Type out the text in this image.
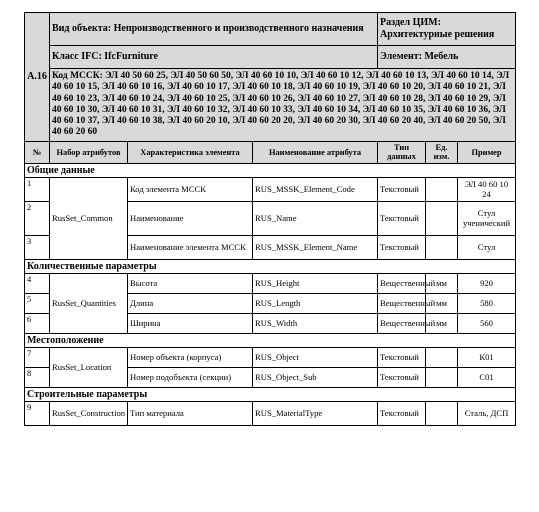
A.16	Вид объекта: Непроизводственного и производственного назначения			Раздел ЦИМ: Архитектурные решения		
	Класс IFC: IfcFurniture			Элемент: Мебель		
	Код МССК: ЭЛ 40 50 60 25, ЭЛ 40 50 60 50, ЭЛ 40 60 10 10, ЭЛ 40 60 10 12, ЭЛ 40 60 10 13, ЭЛ 40 60 10 14, ЭЛ 40 60 10 15, ЭЛ 40 60 10 16, ЭЛ 40 60 10 17, ЭЛ 40 60 10 18, ЭЛ 40 60 10 19, ЭЛ 40 60 10 20, ЭЛ 40 60 10 21, ЭЛ 40 60 10 23, ЭЛ 40 60 10 24, ЭЛ 40 60 10 25, ЭЛ 40 60 10 26, ЭЛ 40 60 10 27, ЭЛ 40 60 10 28, ЭЛ 40 60 10 29, ЭЛ 40 60 10 30, ЭЛ 40 60 10 31, ЭЛ 40 60 10 32, ЭЛ 40 60 10 33, ЭЛ 40 60 10 34, ЭЛ 40 60 10 35, ЭЛ 40 60 10 36, ЭЛ 40 60 10 37, ЭЛ 40 60 10 38, ЭЛ 40 60 20 10, ЭЛ 40 60 20 20, ЭЛ 40 60 20 30, ЭЛ 40 60 20 40, ЭЛ 40 60 20 50, ЭЛ 40 60 20 60					
№	Набор атрибутов	Характеристика элемента	Наименование атрибута	Тип данных	Ед. изм.	Пример
Общие данные						
1	RusSet_Common	Код элемента МССК	RUS_MSSK_Element_Code	Текстовый		ЭЛ 40 60 10 24
2		Наименование	RUS_Name	Текстовый		Стул ученический
3		Наименование элемента МССК	RUS_MSSK_Element_Name	Текстовый		Стул
Количественные параметры						
4	RusSet_Quantities	Высота	RUS_Height	Вещественный	мм	920
5		Длина	RUS_Length	Вещественный	мм	580
6		Ширина	RUS_Width	Вещественный	мм	560
Местоположение						
7	RusSet_Location	Номер объекта (корпуса)	RUS_Object	Текстовый		К01
8		Номер подобъекта (секции)	RUS_Object_Sub	Текстовый		С01
Строительные параметры						
9	RusSet_Construction	Тип материала	RUS_MaterialType	Текстовый		Сталь, ДСП
